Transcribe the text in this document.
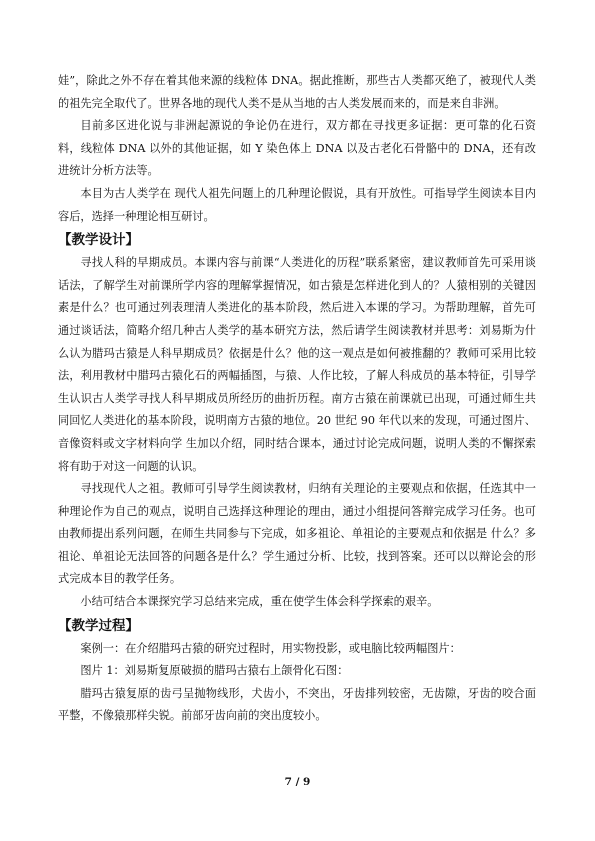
娃”，除此之外不存在着其他来源的线粒体 DNA。据此推断，那些古人类都灭绝了，被现代人类的祖先完全取代了。世界各地的现代人类不是从当地的古人类发展而来的，而是来自非洲。

目前多区进化说与非洲起源说的争论仍在进行，双方都在寻找更多证据：更可靠的化石资料，线粒体 DNA 以外的其他证据，如 Y 染色体上 DNA 以及古老化石骨骼中的 DNA，还有改进统计分析方法等。

本目为古人类学在 现代人祖先问题上的几种理论假说，具有开放性。可指导学生阅读本目内容后，选择一种理论相互研讨。

【教学设计】

寻找人科的早期成员。本课内容与前课“人类进化的历程”联系紧密，建议教师首先可采用谈话法，了解学生对前课所学内容的理解掌握情况，如古猿是怎样进化到人的？人猿相别的关键因素是什么？也可通过列表理清人类进化的基本阶段，然后进入本课的学习。为帮助理解，首先可通过谈话法，简略介绍几种古人类学的基本研究方法，然后请学生阅读教材并思考：刘易斯为什么认为腊玛古猿是人科早期成员？依据是什么？他的这一观点是如何被推翻的？教师可采用比较法，利用教材中腊玛古猿化石的两幅插图，与猿、人作比较，了解人科成员的基本特征，引导学生认识古人类学寻找人科早期成员所经历的曲折历程。南方古猿在前课就已出现，可通过师生共同回忆人类进化的基本阶段，说明南方古猿的地位。20 世纪 90 年代以来的发现，可通过图片、音像资料或文字材料向学 生加以介绍，同时结合课本，通过讨论完成问题，说明人类的不懈探索将有助于对这一问题的认识。

寻找现代人之祖。教师可引导学生阅读教材，归纳有关理论的主要观点和依据，任选其中一种理论作为自己的观点，说明自己选择这种理论的理由，通过小组提问答辩完成学习任务。也可由教师提出系列问题，在师生共同参与下完成，如多祖论、单祖论的主要观点和依据是 什么？多祖论、单祖论无法回答的问题各是什么？学生通过分析、比较，找到答案。还可以以辩论会的形式完成本目的教学任务。

小结可结合本课探究学习总结来完成，重在使学生体会科学探索的艰辛。

【教学过程】

案例一：在介绍腊玛古猿的研究过程时，用实物投影，或电脑比较两幅图片：

图片 1：刘易斯复原破损的腊玛古猿右上颌骨化石图：

腊玛古猿复原的齿弓呈抛物线形，犬齿小，不突出，牙齿排列较密，无齿隙，牙齿的咬合面平整，不像猿那样尖锐。前部牙齿向前的突出度较小。

7 / 9
